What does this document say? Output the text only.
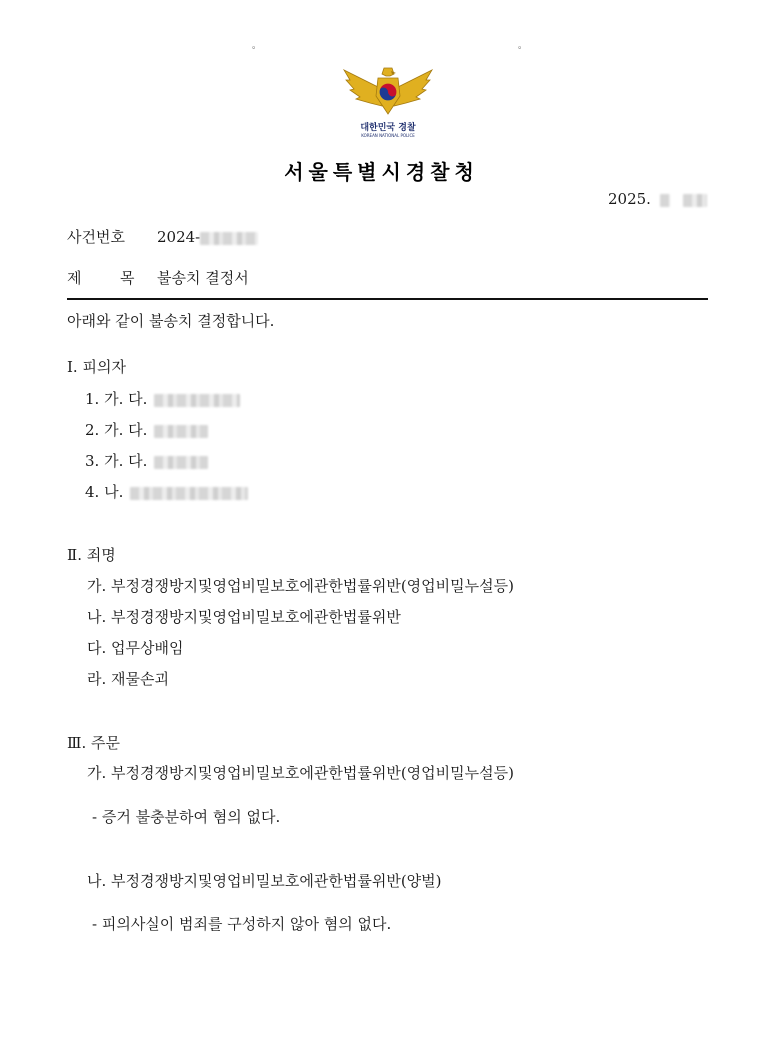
。	。
대한민국 경찰
KOREAN NATIONAL POLICE
서울특별시경찰청
2025.
사건번호 2024-
제	목 불송치 결정서
아래와 같이 불송치 결정합니다.
Ⅰ. 피의자
1. 가. 다.
2. 가. 다.
3. 가. 다.
4. 나.
Ⅱ. 죄명
가. 부정경쟁방지및영업비밀보호에관한법률위반(영업비밀누설등)
나. 부정경쟁방지및영업비밀보호에관한법률위반
다. 업무상배임
라. 재물손괴
Ⅲ. 주문
가. 부정경쟁방지및영업비밀보호에관한법률위반(영업비밀누설등)
- 증거 불충분하여 혐의 없다.
나. 부정경쟁방지및영업비밀보호에관한법률위반(양벌)
- 피의사실이 범죄를 구성하지 않아 혐의 없다.
